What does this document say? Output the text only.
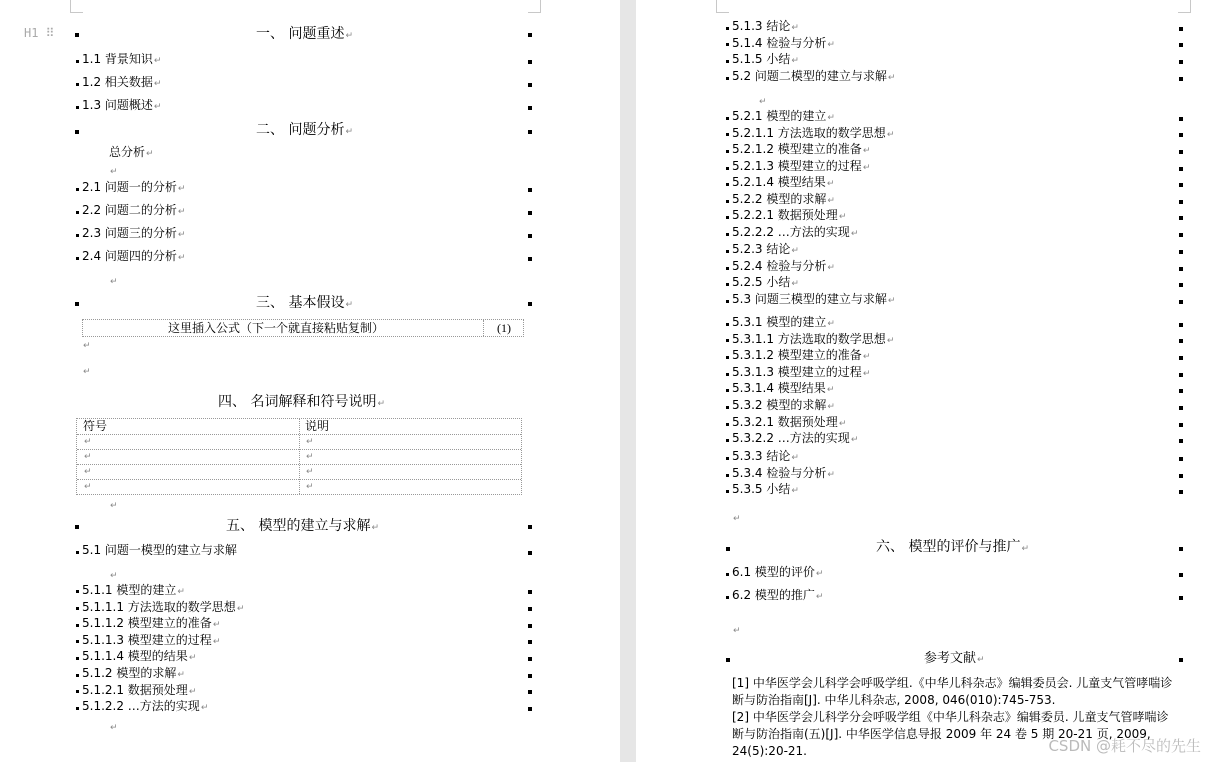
H1 ⠿	一、 问题重述↵
1.1 背景知识↵
1.2 相关数据↵
1.3 问题概述↵
二、 问题分析↵
总分析↵
↵
2.1 问题一的分析↵
2.2 问题二的分析↵
2.3 问题三的分析↵
2.4 问题四的分析↵
↵
三、 基本假设↵
这里插入公式（下一个就直接粘贴复制）	(1)
↵
↵
四、 名词解释和符号说明↵
符号	说明
↵	↵
↵	↵
↵	↵
↵	↵
↵
五、 模型的建立与求解↵
5.1 问题一模型的建立与求解
↵
5.1.1 模型的建立↵
5.1.1.1 方法选取的数学思想↵
5.1.1.2 模型建立的准备↵
5.1.1.3 模型建立的过程↵
5.1.1.4 模型的结果↵
5.1.2 模型的求解↵
5.1.2.1 数据预处理↵
5.1.2.2 …方法的实现↵
↵
5.1.3 结论↵
5.1.4 检验与分析↵
5.1.5 小结↵
5.2 问题二模型的建立与求解↵
↵
5.2.1 模型的建立↵
5.2.1.1 方法选取的数学思想↵
5.2.1.2 模型建立的准备↵
5.2.1.3 模型建立的过程↵
5.2.1.4 模型结果↵
5.2.2 模型的求解↵
5.2.2.1 数据预处理↵
5.2.2.2 …方法的实现↵
5.2.3 结论↵
5.2.4 检验与分析↵
5.2.5 小结↵
5.3 问题三模型的建立与求解↵
5.3.1 模型的建立↵
5.3.1.1 方法选取的数学思想↵
5.3.1.2 模型建立的准备↵
5.3.1.3 模型建立的过程↵
5.3.1.4 模型结果↵
5.3.2 模型的求解↵
5.3.2.1 数据预处理↵
5.3.2.2 …方法的实现↵
5.3.3 结论↵
5.3.4 检验与分析↵
5.3.5 小结↵
↵
六、 模型的评价与推广↵
6.1 模型的评价↵
6.2 模型的推广↵
↵
参考文献↵
[1] 中华医学会儿科学会呼吸学组.《中华儿科杂志》编辑委员会. 儿童支气管哮喘诊断与防治指南[J]. 中华儿科杂志, 2008, 046(010):745-753.
[2] 中华医学会儿科学分会呼吸学组《中华儿科杂志》编辑委员. 儿童支气管哮喘诊断与防治指南(五)[J]. 中华医学信息导报 2009 年 24 卷 5 期 20-21 页, 2009, 24(5):20-21.	CSDN @耗不尽的先生
